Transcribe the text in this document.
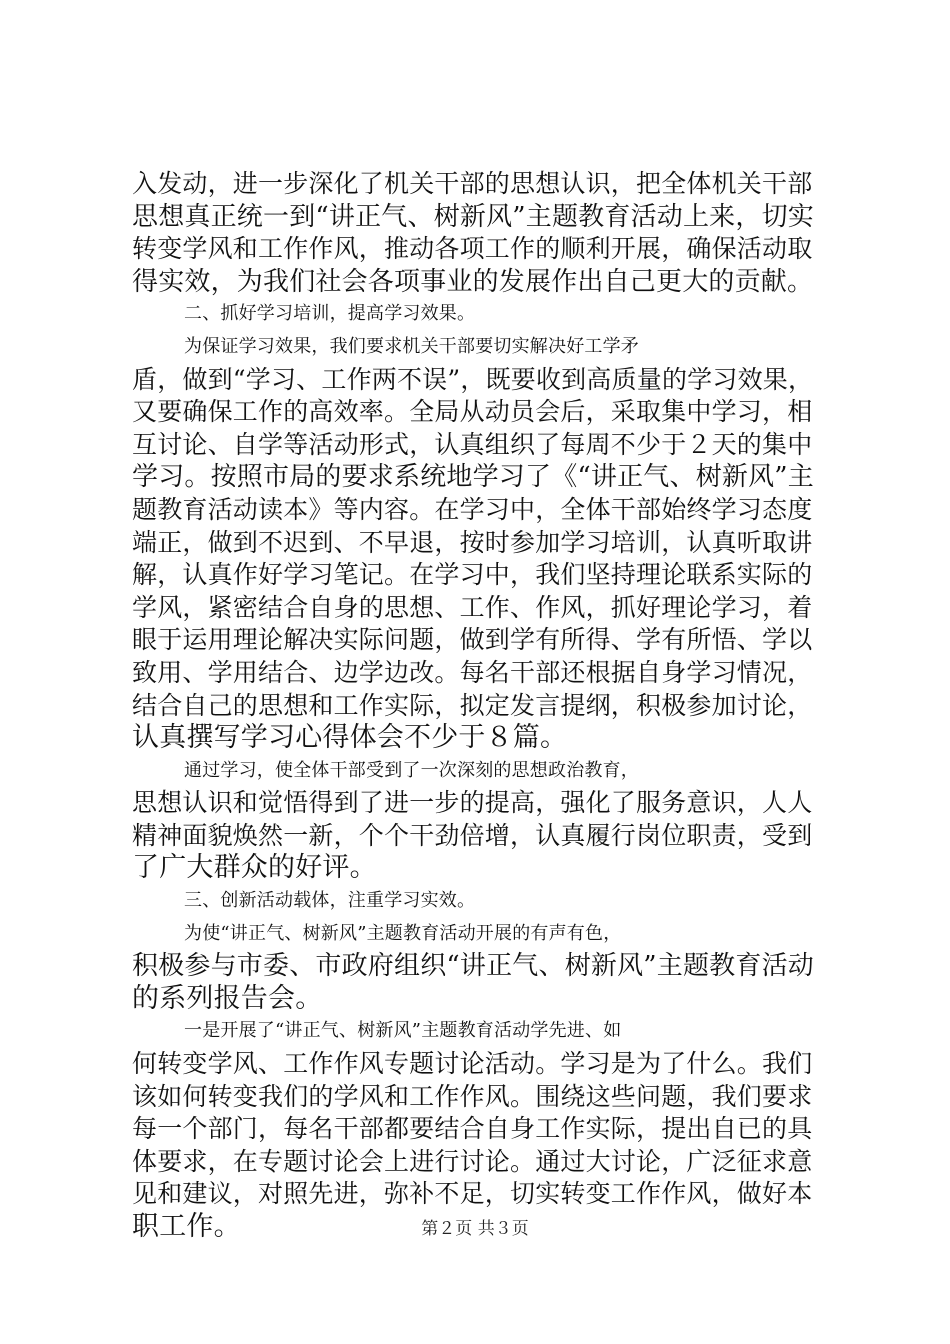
入发动，进一步深化了机关干部的思想认识，把全体机关干部
思想真正统一到“讲正气、树新风”主题教育活动上来，切实
转变学风和工作作风，推动各项工作的顺利开展，确保活动取
得实效，为我们社会各项事业的发展作出自己更大的贡献。
二、抓好学习培训，提高学习效果。
为保证学习效果，我们要求机关干部要切实解决好工学矛
盾，做到“学习、工作两不误”，既要收到高质量的学习效果，
又要确保工作的高效率。全局从动员会后，采取集中学习，相
互讨论、自学等活动形式，认真组织了每周不少于２天的集中
学习。按照市局的要求系统地学习了《“讲正气、树新风”主
题教育活动读本》等内容。在学习中，全体干部始终学习态度
端正，做到不迟到、不早退，按时参加学习培训，认真听取讲
解，认真作好学习笔记。在学习中，我们坚持理论联系实际的
学风，紧密结合自身的思想、工作、作风，抓好理论学习，着
眼于运用理论解决实际问题，做到学有所得、学有所悟、学以
致用、学用结合、边学边改。每名干部还根据自身学习情况，
结合自己的思想和工作实际，拟定发言提纲，积极参加讨论，
认真撰写学习心得体会不少于８篇。
通过学习，使全体干部受到了一次深刻的思想政治教育，
思想认识和觉悟得到了进一步的提高，强化了服务意识，人人
精神面貌焕然一新，个个干劲倍增，认真履行岗位职责，受到
了广大群众的好评。
三、创新活动载体，注重学习实效。
为使“讲正气、树新风”主题教育活动开展的有声有色，
积极参与市委、市政府组织“讲正气、树新风”主题教育活动
的系列报告会。
一是开展了“讲正气、树新风”主题教育活动学先进、如
何转变学风、工作作风专题讨论活动。学习是为了什么。我们
该如何转变我们的学风和工作作风。围绕这些问题，我们要求
每一个部门，每名干部都要结合自身工作实际，提出自已的具
体要求，在专题讨论会上进行讨论。通过大讨论，广泛征求意
见和建议，对照先进，弥补不足，切实转变工作作风，做好本
职工作。	第２页 共３页
